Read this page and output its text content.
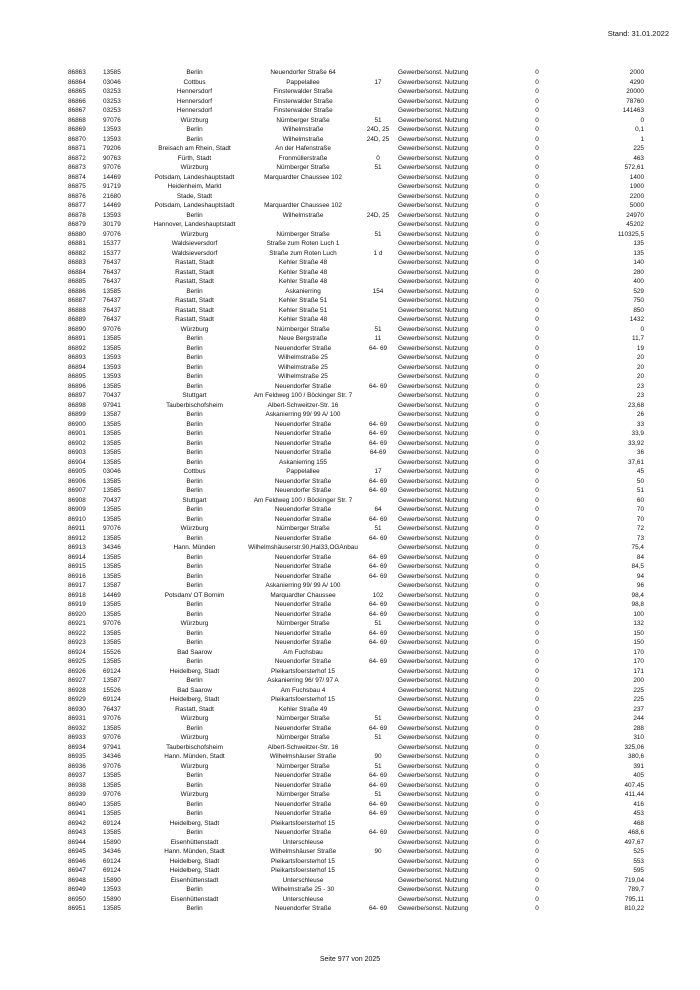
Stand: 31.01.2022
86863	13585	Berlin	Neuendorfer Straße 64		Gewerbe/sonst. Nutzung	0	2000
86864	03046	Cottbus	Pappelallee	17	Gewerbe/sonst. Nutzung	0	4290
86865	03253	Hennersdorf	Finsterwalder Straße		Gewerbe/sonst. Nutzung	0	20000
86866	03253	Hennersdorf	Finsterwalder Straße		Gewerbe/sonst. Nutzung	0	78760
86867	03253	Hennersdorf	Finsterwalder Straße		Gewerbe/sonst. Nutzung	0	141463
86868	97076	Würzburg	Nürnberger Straße	51	Gewerbe/sonst. Nutzung	0	0
86869	13593	Berlin	Wilhelmstraße	24D, 25	Gewerbe/sonst. Nutzung	0	0,1
86870	13593	Berlin	Wilhelmstraße	24D, 25	Gewerbe/sonst. Nutzung	0	1
86871	79206	Breisach am Rhein, Stadt	An der Hafenstraße		Gewerbe/sonst. Nutzung	0	225
86872	90763	Fürth, Stadt	Fronmüllerstraße	0	Gewerbe/sonst. Nutzung	0	463
86873	97076	Würzburg	Nürnberger Straße	51	Gewerbe/sonst. Nutzung	0	572,61
86874	14469	Potsdam, Landeshauptstadt	Marquardter Chaussee 102		Gewerbe/sonst. Nutzung	0	1400
86875	91719	Heidenheim, Markt			Gewerbe/sonst. Nutzung	0	1900
86876	21680	Stade, Stadt			Gewerbe/sonst. Nutzung	0	2200
86877	14469	Potsdam, Landeshauptstadt	Marquardter Chaussee 102		Gewerbe/sonst. Nutzung	0	5000
86878	13593	Berlin	Wilhelmstraße	24D, 25	Gewerbe/sonst. Nutzung	0	24970
86879	30179	Hannover, Landeshauptstadt			Gewerbe/sonst. Nutzung	0	45202
86880	97076	Würzburg	Nürnberger Straße	51	Gewerbe/sonst. Nutzung	0	110325,5
86881	15377	Waldsieversdorf	Straße zum Roten Luch 1		Gewerbe/sonst. Nutzung	0	135
86882	15377	Waldsieversdorf	Straße zum Roten Luch	1 d	Gewerbe/sonst. Nutzung	0	135
86883	76437	Rastatt, Stadt	Kehler Straße 48		Gewerbe/sonst. Nutzung	0	140
86884	76437	Rastatt, Stadt	Kehler Straße 48		Gewerbe/sonst. Nutzung	0	280
86885	76437	Rastatt, Stadt	Kehler Straße 48		Gewerbe/sonst. Nutzung	0	400
86886	13585	Berlin	Askanierring	154	Gewerbe/sonst. Nutzung	0	529
86887	76437	Rastatt, Stadt	Kehler Straße 51		Gewerbe/sonst. Nutzung	0	750
86888	76437	Rastatt, Stadt	Kehler Straße 51		Gewerbe/sonst. Nutzung	0	850
86889	76437	Rastatt, Stadt	Kehler Straße 48		Gewerbe/sonst. Nutzung	0	1432
86890	97076	Würzburg	Nürnberger Straße	51	Gewerbe/sonst. Nutzung	0	0
86891	13585	Berlin	Neue Bergstraße	11	Gewerbe/sonst. Nutzung	0	11,7
86892	13585	Berlin	Neuendorfer Straße	64- 69	Gewerbe/sonst. Nutzung	0	19
86893	13593	Berlin	Wilhelmstraße 25		Gewerbe/sonst. Nutzung	0	20
86894	13593	Berlin	Wilhelmstraße 25		Gewerbe/sonst. Nutzung	0	20
86895	13593	Berlin	Wilhelmstraße 25		Gewerbe/sonst. Nutzung	0	20
86896	13585	Berlin	Neuendorfer Straße	64- 69	Gewerbe/sonst. Nutzung	0	23
86897	70437	Stuttgart	Am Feldweg 100 / Böckinger Str. 7		Gewerbe/sonst. Nutzung	0	23
86898	97941	Tauberbischofsheim	Albert-Schweitzer-Str. 16		Gewerbe/sonst. Nutzung	0	23,68
86899	13587	Berlin	Askanierring 99/ 99 A/ 100		Gewerbe/sonst. Nutzung	0	26
86900	13585	Berlin	Neuendorfer Straße	64- 69	Gewerbe/sonst. Nutzung	0	33
86901	13585	Berlin	Neuendorfer Straße	64- 69	Gewerbe/sonst. Nutzung	0	33,9
86902	13585	Berlin	Neuendorfer Straße	64- 69	Gewerbe/sonst. Nutzung	0	33,92
86903	13585	Berlin	Neuendorfer Straße	64-69	Gewerbe/sonst. Nutzung	0	36
86904	13585	Berlin	Askanierring 155		Gewerbe/sonst. Nutzung	0	37,61
86905	03046	Cottbus	Pappelallee	17	Gewerbe/sonst. Nutzung	0	45
86906	13585	Berlin	Neuendorfer Straße	64- 69	Gewerbe/sonst. Nutzung	0	50
86907	13585	Berlin	Neuendorfer Straße	64- 69	Gewerbe/sonst. Nutzung	0	51
86908	70437	Stuttgart	Am Feldweg 100 / Böckinger Str. 7		Gewerbe/sonst. Nutzung	0	60
86909	13585	Berlin	Neuendorfer Straße	64	Gewerbe/sonst. Nutzung	0	70
86910	13585	Berlin	Neuendorfer Straße	64- 69	Gewerbe/sonst. Nutzung	0	70
86911	97076	Würzburg	Nürnberger Straße	51	Gewerbe/sonst. Nutzung	0	72
86912	13585	Berlin	Neuendorfer Straße	64- 69	Gewerbe/sonst. Nutzung	0	73
86913	34346	Hann. Münden	Wilhelmshäuserstr.90,Hal33,OGAnbau		Gewerbe/sonst. Nutzung	0	75,4
86914	13585	Berlin	Neuendorfer Straße	64- 69	Gewerbe/sonst. Nutzung	0	84
86915	13585	Berlin	Neuendorfer Straße	64- 69	Gewerbe/sonst. Nutzung	0	84,5
86916	13585	Berlin	Neuendorfer Straße	64- 69	Gewerbe/sonst. Nutzung	0	94
86917	13587	Berlin	Askanierring 99/ 99 A/ 100		Gewerbe/sonst. Nutzung	0	96
86918	14469	Potsdam/ OT Bornim	Marquardter Chaussee	102	Gewerbe/sonst. Nutzung	0	98,4
86919	13585	Berlin	Neuendorfer Straße	64- 69	Gewerbe/sonst. Nutzung	0	98,8
86920	13585	Berlin	Neuendorfer Straße	64- 69	Gewerbe/sonst. Nutzung	0	100
86921	97076	Würzburg	Nürnberger Straße	51	Gewerbe/sonst. Nutzung	0	132
86922	13585	Berlin	Neuendorfer Straße	64- 69	Gewerbe/sonst. Nutzung	0	150
86923	13585	Berlin	Neuendorfer Straße	64- 69	Gewerbe/sonst. Nutzung	0	150
86924	15526	Bad Saarow	Am Fuchsbau		Gewerbe/sonst. Nutzung	0	170
86925	13585	Berlin	Neuendorfer Straße	64- 69	Gewerbe/sonst. Nutzung	0	170
86926	69124	Heidelberg, Stadt	Pleikartsfoersterhof 15		Gewerbe/sonst. Nutzung	0	171
86927	13587	Berlin	Askanierring 96/ 97/ 97 A		Gewerbe/sonst. Nutzung	0	200
86928	15526	Bad Saarow	Am Fuchsbau 4		Gewerbe/sonst. Nutzung	0	225
86929	69124	Heidelberg, Stadt	Pleikartsfoersterhof 15		Gewerbe/sonst. Nutzung	0	225
86930	76437	Rastatt, Stadt	Kehler Straße 49		Gewerbe/sonst. Nutzung	0	237
86931	97076	Würzburg	Nürnberger Straße	51	Gewerbe/sonst. Nutzung	0	244
86932	13585	Berlin	Neuendorfer Straße	64- 69	Gewerbe/sonst. Nutzung	0	288
86933	97076	Würzburg	Nürnberger Straße	51	Gewerbe/sonst. Nutzung	0	310
86934	97941	Tauberbischofsheim	Albert-Schweitzer-Str. 16		Gewerbe/sonst. Nutzung	0	325,06
86935	34346	Hann. Münden, Stadt	Wilhelmshäuser Straße	90	Gewerbe/sonst. Nutzung	0	380,6
86936	97076	Würzburg	Nürnberger Straße	51	Gewerbe/sonst. Nutzung	0	391
86937	13585	Berlin	Neuendorfer Straße	64- 69	Gewerbe/sonst. Nutzung	0	405
86938	13585	Berlin	Neuendorfer Straße	64- 69	Gewerbe/sonst. Nutzung	0	407,45
86939	97076	Würzburg	Nürnberger Straße	51	Gewerbe/sonst. Nutzung	0	411,44
86940	13585	Berlin	Neuendorfer Straße	64- 69	Gewerbe/sonst. Nutzung	0	416
86941	13585	Berlin	Neuendorfer Straße	64- 69	Gewerbe/sonst. Nutzung	0	453
86942	69124	Heidelberg, Stadt	Pleikartsfoersterhof 15		Gewerbe/sonst. Nutzung	0	468
86943	13585	Berlin	Neuendorfer Straße	64- 69	Gewerbe/sonst. Nutzung	0	468,6
86944	15890	Eisenhüttenstadt	Unterschleuse		Gewerbe/sonst. Nutzung	0	497,67
86945	34346	Hann. Münden, Stadt	Wilhelmshäuser Straße	90	Gewerbe/sonst. Nutzung	0	525
86946	69124	Heidelberg, Stadt	Pleikartsfoersterhof 15		Gewerbe/sonst. Nutzung	0	553
86947	69124	Heidelberg, Stadt	Pleikartsfoersterhof 15		Gewerbe/sonst. Nutzung	0	595
86948	15890	Eisenhüttenstadt	Unterschleuse		Gewerbe/sonst. Nutzung	0	719,04
86949	13593	Berlin	Wilhelmstraße 25 - 30		Gewerbe/sonst. Nutzung	0	789,7
86950	15890	Eisenhüttenstadt	Unterschleuse		Gewerbe/sonst. Nutzung	0	795,11
86951	13585	Berlin	Neuendorfer Straße	64- 69	Gewerbe/sonst. Nutzung	0	810,22
Seite 977 von 2025
